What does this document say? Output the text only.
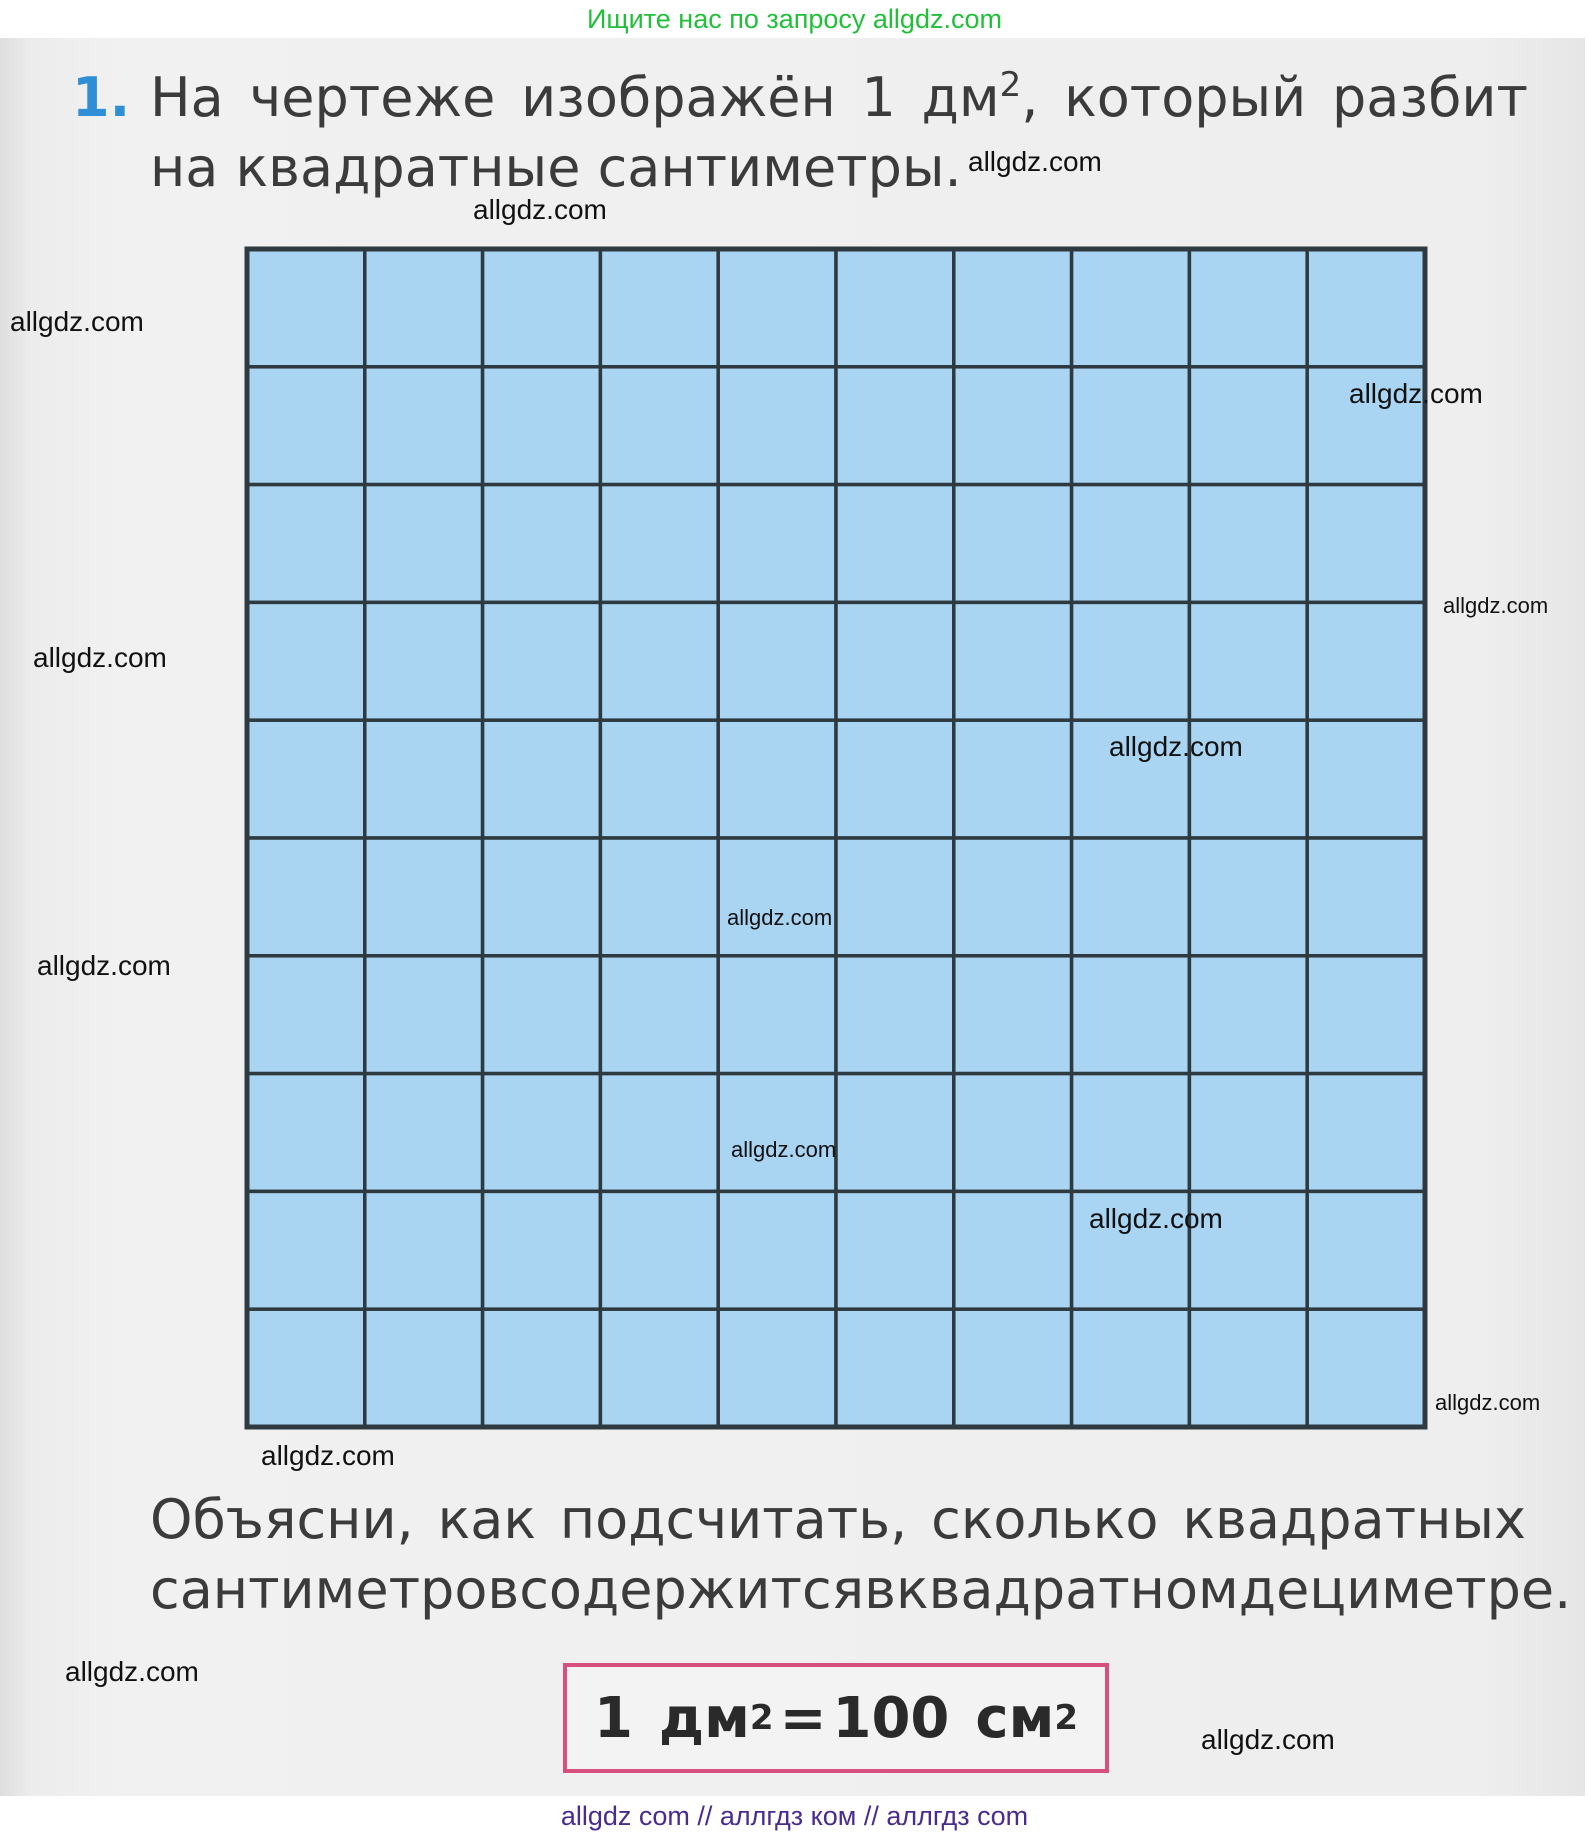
Ищите нас по запросу allgdz.com
1. На чертеже изображён 1 $дм^2$, который разбит
на квадратные сантиметры.
Объясни, как подсчитать, сколько квадратных
сантиметров содержится в квадратном дециметре.
1 дм 2 = 100 см 2
allgdz.com
allgdz.com
allgdz.com
allgdz.com
allgdz.com
allgdz.com
allgdz.com
allgdz.com
allgdz.com
allgdz.com
allgdz.com
allgdz.com
allgdz.com
allgdz.com
allgdz.com
allgdz com // аллгдз ком // аллгдз com
